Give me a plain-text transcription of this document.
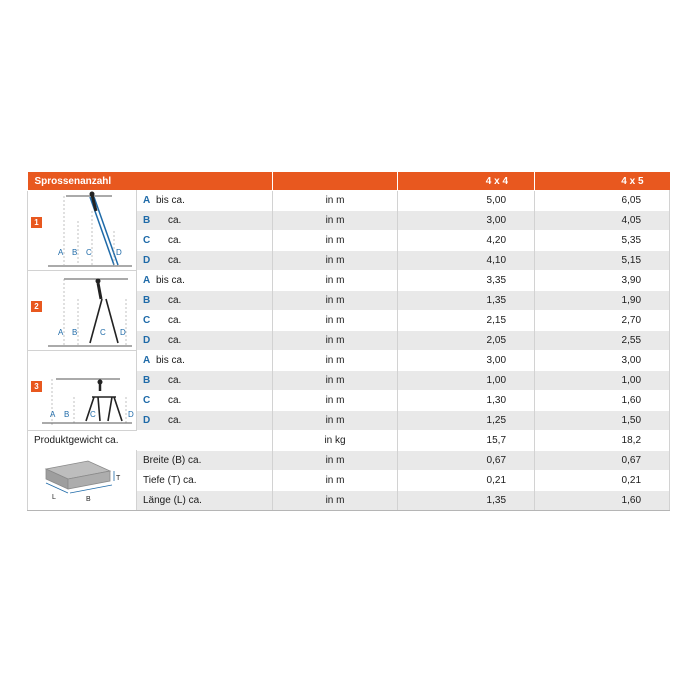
Sprossenanzahl			4 x 4	4 x 5

1
A B C D	Abis ca.	in m	5,00	6,05
	B ca.	in m	3,00	4,05
	C ca.	in m	4,20	5,35
	D ca.	in m	4,10	5,15

2
A B C D	Abis ca.	in m	3,35	3,90
	B ca.	in m	1,35	1,90
	C ca.	in m	2,15	2,70
	D ca.	in m	2,05	2,55

3
A B C D	Abis ca.	in m	3,00	3,00
	B ca.	in m	1,00	1,00
	C ca.	in m	1,30	1,60
	D ca.	in m	1,25	1,50
Produktgewicht ca.		in kg	15,7	18,2

T
L B	Breite (B) ca.	in m	0,67	0,67
	Tiefe (T) ca.	in m	0,21	0,21
	Länge (L) ca.	in m	1,35	1,60
